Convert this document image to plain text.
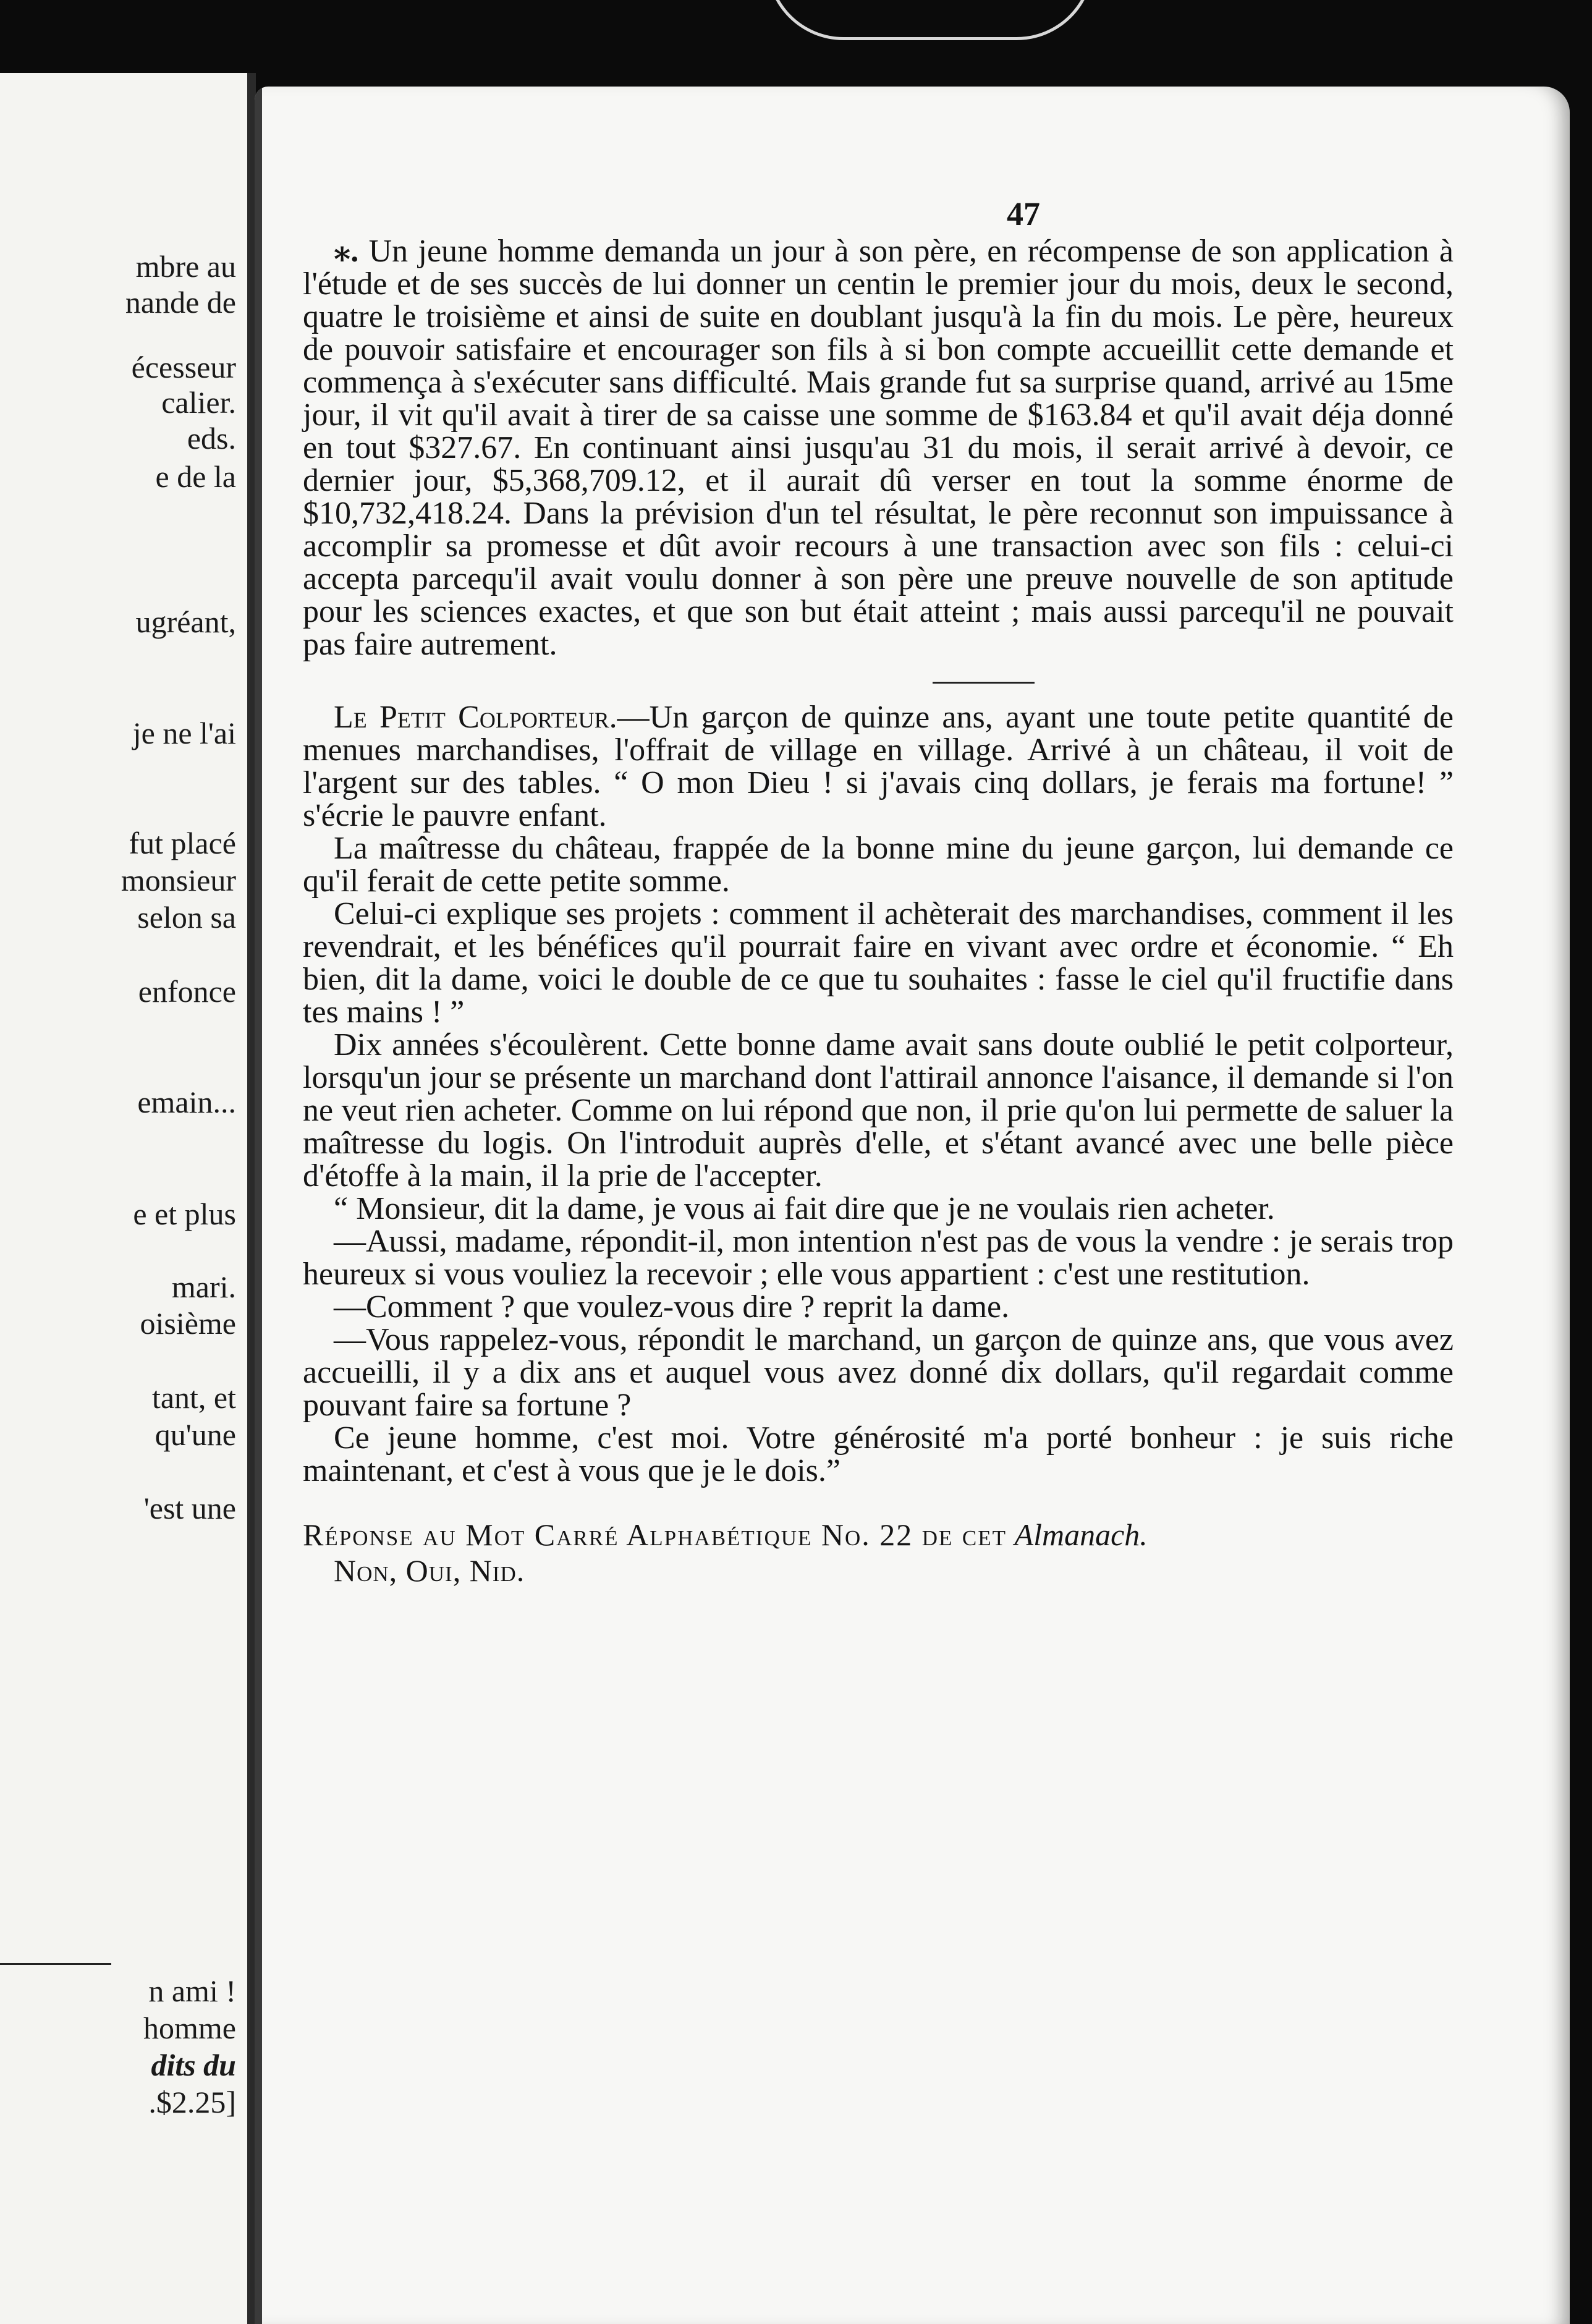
mbre au

nande de

écesseur

calier.

eds.

e de la

ugréant,

je ne l'ai

fut placé

monsieur

selon sa

enfonce

emain...

e et plus

mari.

oisième

tant, et

qu'une

'est une

n ami !

homme

dits du

.$2.25]

47

⁎. Un jeune homme demanda un jour à son père, en récompense de son application à l'étude et de ses succès de lui donner un centin le premier jour du mois, deux le second, quatre le troisième et ainsi de suite en doublant jusqu'à la fin du mois. Le père, heureux de pouvoir satisfaire et encourager son fils à si bon compte accueillit cette demande et commença à s'exécuter sans difficulté. Mais grande fut sa surprise quand, arrivé au 15me jour, il vit qu'il avait à tirer de sa caisse une somme de $163.84 et qu'il avait déja donné en tout $327.67. En continuant ainsi jusqu'au 31 du mois, il serait arrivé à devoir, ce dernier jour, $5,368,709.12, et il aurait dû verser en tout la somme énorme de $10,732,418.24. Dans la prévision d'un tel résultat, le père reconnut son impuissance à accomplir sa promesse et dût avoir recours à une transaction avec son fils : celui-ci accepta parcequ'il avait voulu donner à son père une preuve nouvelle de son aptitude pour les sciences exactes, et que son but était atteint ; mais aussi parcequ'il ne pouvait pas faire autrement.

Le Petit Colporteur.—Un garçon de quinze ans, ayant une toute petite quantité de menues marchandises, l'offrait de village en village. Arrivé à un château, il voit de l'argent sur des tables. “ O mon Dieu ! si j'avais cinq dollars, je ferais ma fortune! ” s'écrie le pauvre enfant.

La maîtresse du château, frappée de la bonne mine du jeune garçon, lui demande ce qu'il ferait de cette petite somme.

Celui-ci explique ses projets : comment il achèterait des marchandises, comment il les revendrait, et les bénéfices qu'il pourrait faire en vivant avec ordre et économie. “ Eh bien, dit la dame, voici le double de ce que tu souhaites : fasse le ciel qu'il fructifie dans tes mains ! ”

Dix années s'écoulèrent. Cette bonne dame avait sans doute oublié le petit colporteur, lorsqu'un jour se présente un marchand dont l'attirail annonce l'aisance, il demande si l'on ne veut rien acheter. Comme on lui répond que non, il prie qu'on lui permette de saluer la maîtresse du logis. On l'introduit auprès d'elle, et s'étant avancé avec une belle pièce d'étoffe à la main, il la prie de l'accepter.

“ Monsieur, dit la dame, je vous ai fait dire que je ne voulais rien acheter.

—Aussi, madame, répondit-il, mon intention n'est pas de vous la vendre : je serais trop heureux si vous vouliez la recevoir ; elle vous appartient : c'est une restitution.

—Comment ? que voulez-vous dire ? reprit la dame.

—Vous rappelez-vous, répondit le marchand, un garçon de quinze ans, que vous avez accueilli, il y a dix ans et auquel vous avez donné dix dollars, qu'il regardait comme pouvant faire sa fortune ?

Ce jeune homme, c'est moi. Votre générosité m'a porté bonheur : je suis riche maintenant, et c'est à vous que je le dois.”

Réponse au Mot Carré Alphabétique No. 22 de cet Almanach.
Non, Oui, Nid.
